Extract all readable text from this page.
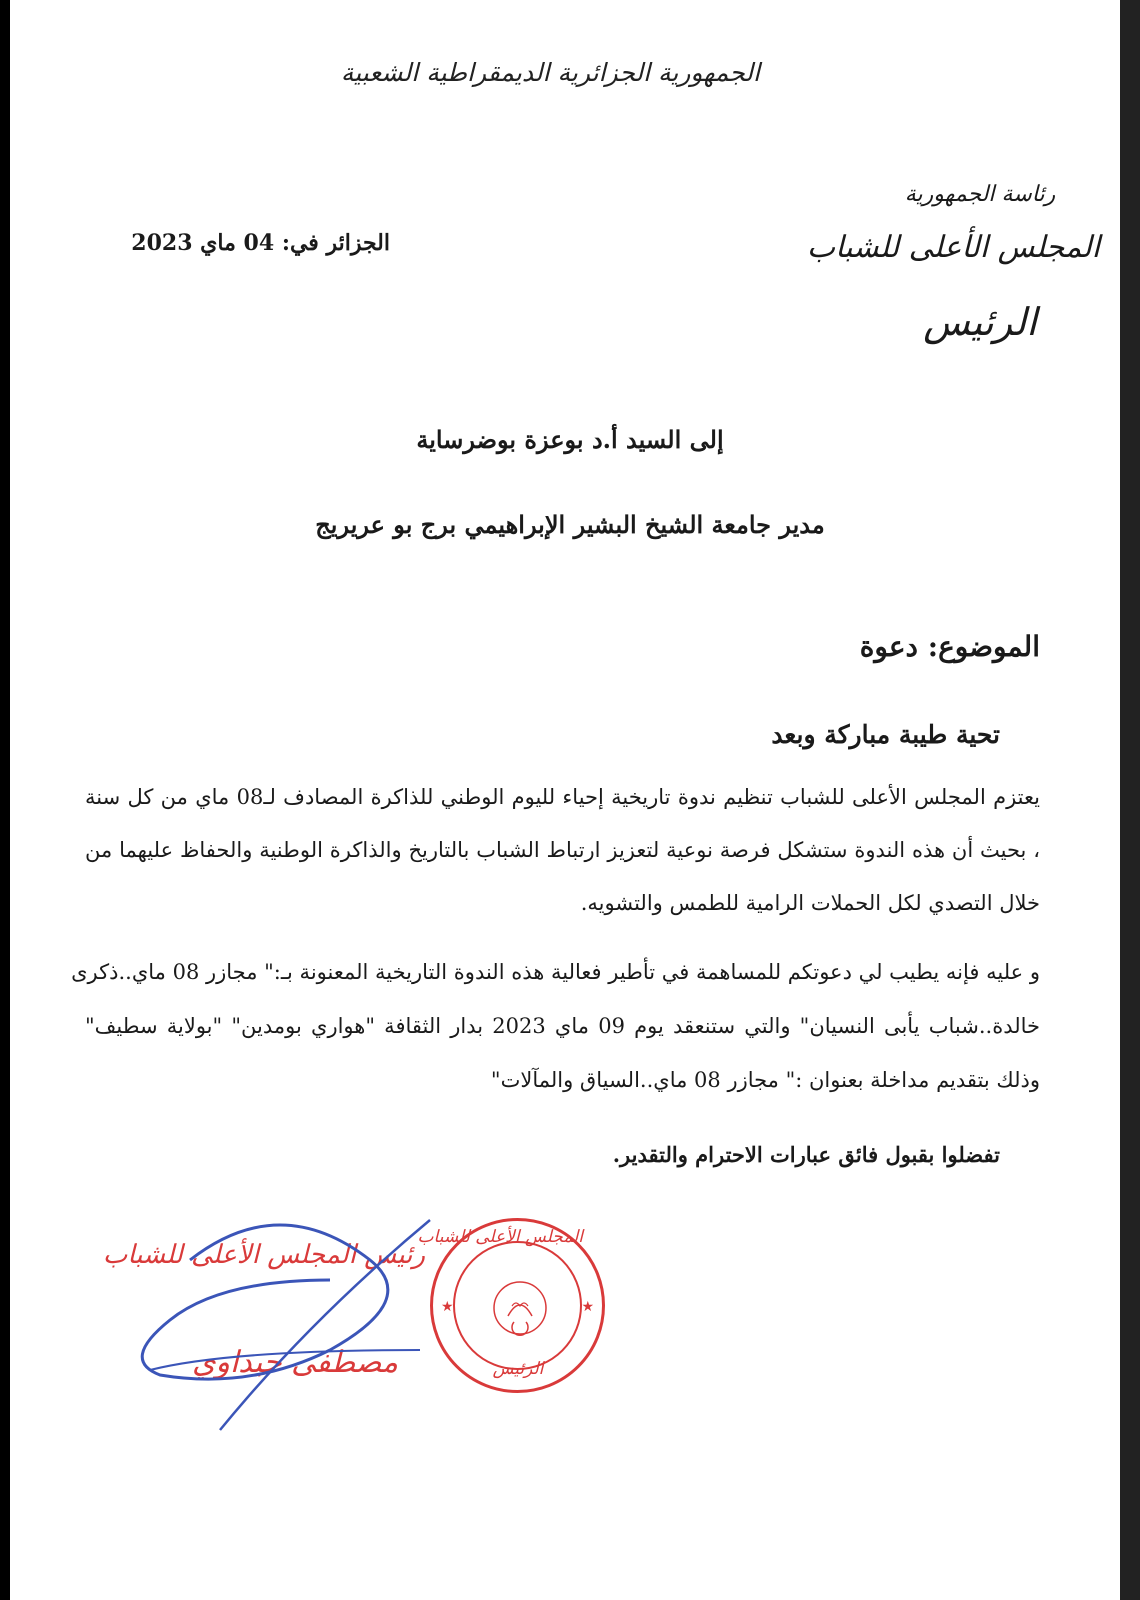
الجمهورية الجزائرية الديمقراطية الشعبية
رئاسة الجمهورية
المجلس الأعلى للشباب
الرئيس
الجزائر في: 04 ماي 2023
إلى السيد أ.د بوعزة بوضرساية
مدير جامعة الشيخ البشير الإبراهيمي برج بو عريريج
الموضوع: دعوة
تحية طيبة مباركة وبعد
يعتزم المجلس الأعلى للشباب تنظيم ندوة تاريخية إحياء لليوم الوطني للذاكرة المصادف لـ08 ماي من كل سنة
، بحيث أن هذه الندوة ستشكل فرصة نوعية لتعزيز ارتباط الشباب بالتاريخ والذاكرة الوطنية والحفاظ عليهما من
خلال التصدي لكل الحملات الرامية للطمس والتشويه.
و عليه فإنه يطيب لي دعوتكم للمساهمة في تأطير فعالية هذه الندوة التاريخية المعنونة بـ:" مجازر 08 ماي..ذكرى
خالدة..شباب يأبى النسيان" والتي ستنعقد يوم 09 ماي 2023 بدار الثقافة "هواري بومدين" "بولاية سطيف"
وذلك بتقديم مداخلة بعنوان :" مجازر 08 ماي..السياق والمآلات"
تفضلوا بقبول فائق عبارات الاحترام والتقدير.
المجلس الأعلى للشباب
الرئيس
★	★
رئيس المجلس الأعلى للشباب
مصطفى حيداوي
